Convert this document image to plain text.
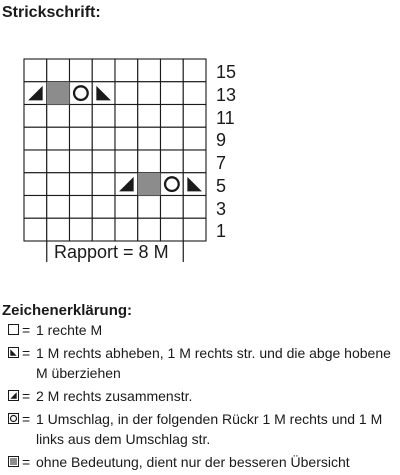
Strickschrift:
15
13
11
9
7
5
3
1
Rapport = 8 M
Zeichenerklärung:
= 1 rechte M
= 1 M rechts abheben, 1 M rechts str. und die abge hobene M überziehen
= 2 M rechts zusammenstr.
= 1 Umschlag, in der folgenden Rückr 1 M rechts und 1 M links aus dem Umschlag str.
= ohne Bedeutung, dient nur der besseren Übersicht
